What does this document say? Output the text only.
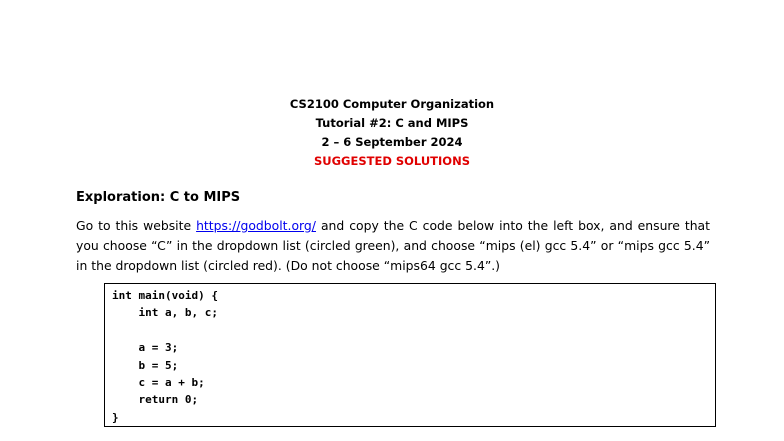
CS2100 Computer Organization
Tutorial #2: C and MIPS
2 – 6 September 2024
SUGGESTED SOLUTIONS
Exploration: C to MIPS
Go to this website https://godbolt.org/ and copy the C code below into the left box, and ensure that you choose “C” in the dropdown list (circled green), and choose “mips (el) gcc 5.4” or “mips gcc 5.4” in the dropdown list (circled red). (Do not choose “mips64 gcc 5.4”.)
int main(void) {
int a, b, c;
a = 3;
b = 5;
c = a + b;
return 0;
}
